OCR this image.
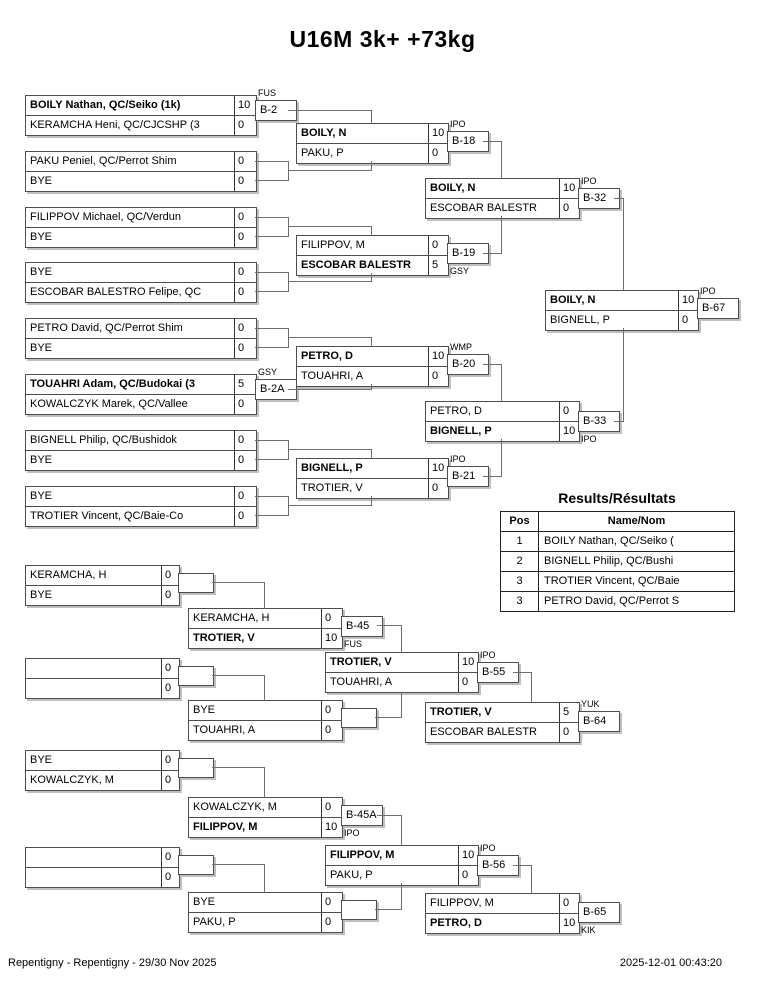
U16M 3k+ +73kg
BOILY Nathan, QC/Seiko (1k)	10
KERAMCHA Heni, QC/CJCSHP (3	0
B-2
FUS
PAKU Peniel, QC/Perrot Shim	0
BYE	0
FILIPPOV Michael, QC/Verdun	0
BYE	0
BYE	0
ESCOBAR BALESTRO Felipe, QC	0
PETRO David, QC/Perrot Shim	0
BYE	0
TOUAHRI Adam, QC/Budokai (3	5
KOWALCZYK Marek, QC/Vallee	0
B-2A
GSY
BIGNELL Philip, QC/Bushidok	0
BYE	0
BYE	0
TROTIER Vincent, QC/Baie-Co	0
BOILY, N	10
PAKU, P	0
B-18
IPO
FILIPPOV, M	0
ESCOBAR BALESTR	5
B-19
GSY
PETRO, D	10
TOUAHRI, A	0
B-20
WMP
BIGNELL, P	10
TROTIER, V	0
B-21
IPO
BOILY, N	10
ESCOBAR BALESTR	0
B-32
IPO
PETRO, D	0
BIGNELL, P	10
B-33
IPO
BOILY, N	10
BIGNELL, P	0
B-67
IPO
KERAMCHA, H	0
BYE	0
0
0
KERAMCHA, H	0
TROTIER, V	10
B-45
FUS
BYE	0
TOUAHRI, A	0
TROTIER, V	10
TOUAHRI, A	0
B-55
IPO
TROTIER, V	5
ESCOBAR BALESTR	0
B-64
YUK
BYE	0
KOWALCZYK, M	0
0
0
KOWALCZYK, M	0
FILIPPOV, M	10
B-45A
IPO
BYE	0
PAKU, P	0
FILIPPOV, M	10
PAKU, P	0
B-56
IPO
FILIPPOV, M	0
PETRO, D	10
B-65
KIK
Results/Résultats
Pos	Name/Nom
1	BOILY Nathan, QC/Seiko (
2	BIGNELL Philip, QC/Bushi
3	TROTIER Vincent, QC/Baie
3	PETRO David, QC/Perrot S
Repentigny - Repentigny - 29/30 Nov 2025	2025-12-01 00:43:20
